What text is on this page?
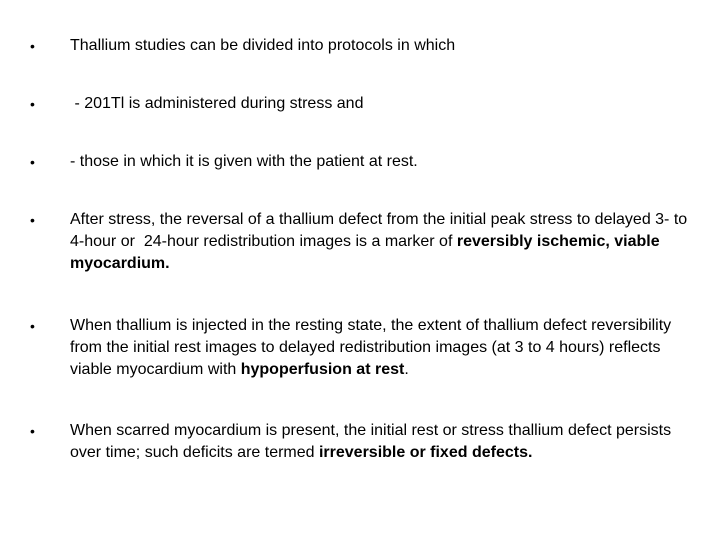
•	Thallium studies can be divided into protocols in which
•	- 201Tl is administered during stress and
•	- those in which it is given with the patient at rest.
•	After stress, the reversal of a thallium defect from the initial peak stress to delayed 3- to 4-hour or  24-hour redistribution images is a marker of reversibly ischemic, viable myocardium.
•	When thallium is injected in the resting state, the extent of thallium defect reversibility from the initial rest images to delayed redistribution images (at 3 to 4 hours) reflects viable myocardium with hypoperfusion at rest.
•	When scarred myocardium is present, the initial rest or stress thallium defect persists over time; such deficits are termed irreversible or fixed defects.
